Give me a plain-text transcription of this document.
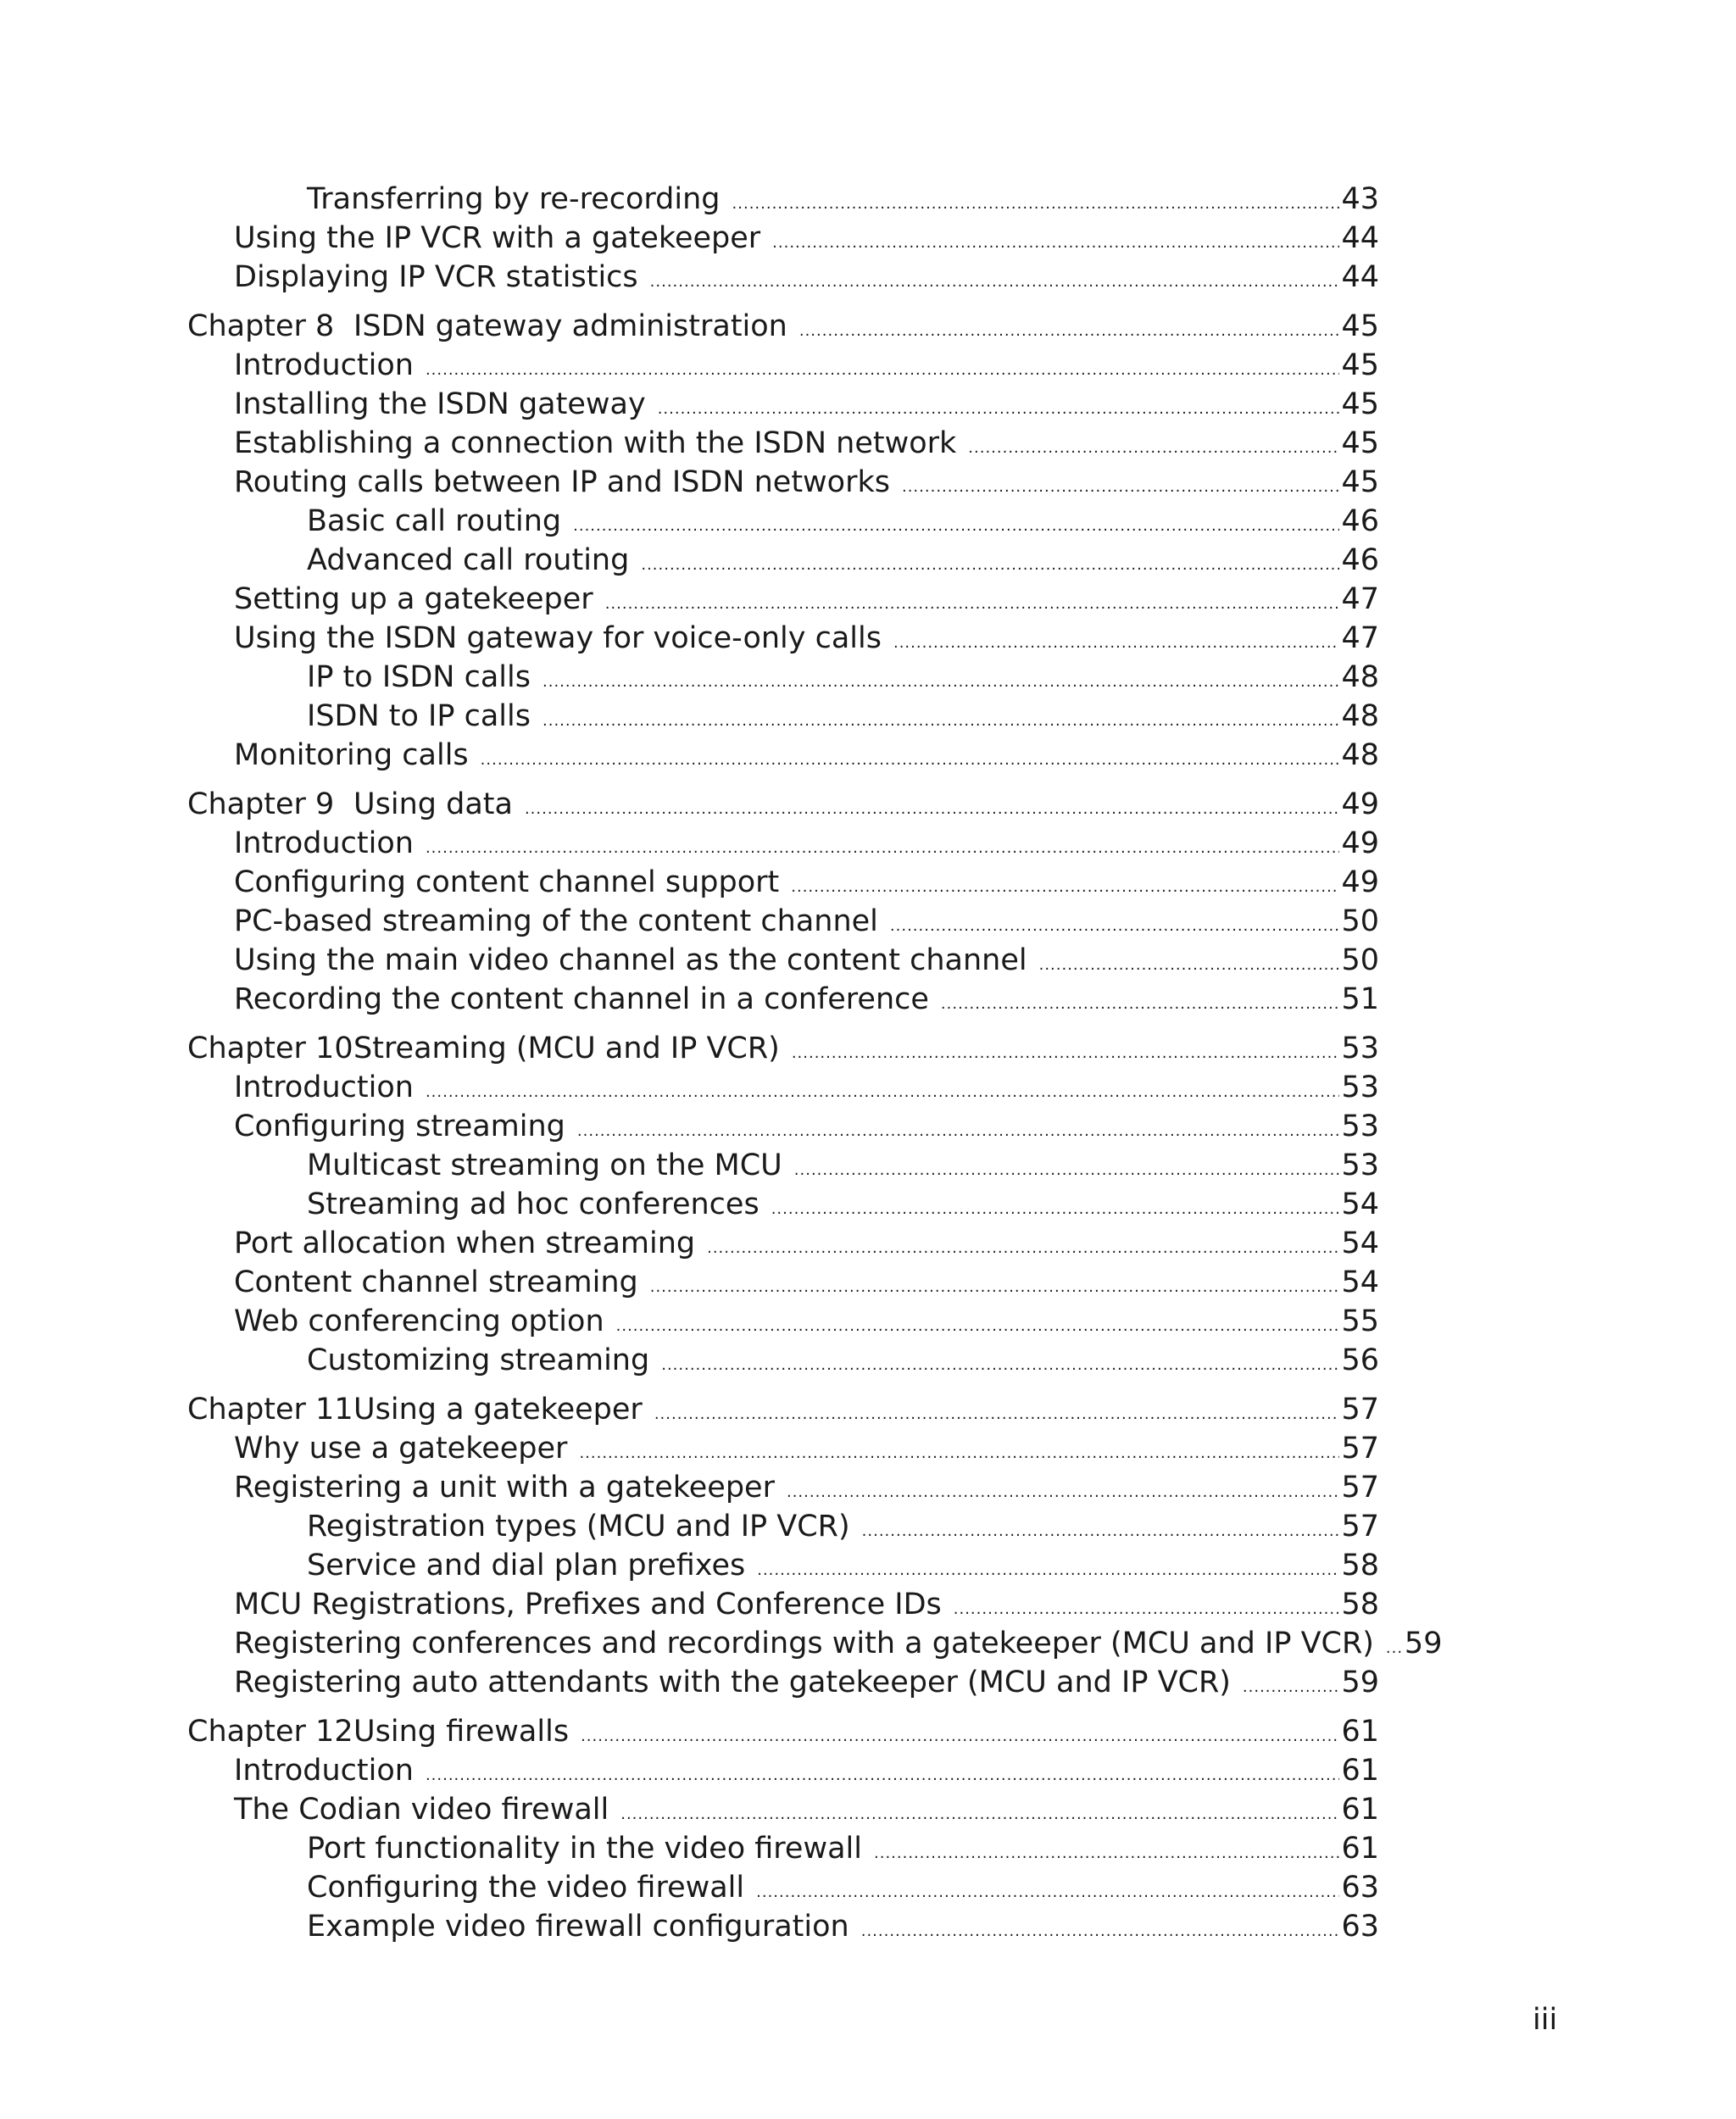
Transferring by re-recording .....	43
Using the IP VCR with a gatekeeper .....	44
Displaying IP VCR statistics .....	44
Chapter 8 ISDN gateway administration .....	45
Introduction .....	45
Installing the ISDN gateway .....	45
Establishing a connection with the ISDN network .....	45
Routing calls between IP and ISDN networks .....	45
Basic call routing .....	46
Advanced call routing .....	46
Setting up a gatekeeper .....	47
Using the ISDN gateway for voice-only calls .....	47
IP to ISDN calls .....	48
ISDN to IP calls .....	48
Monitoring calls .....	48
Chapter 9 Using data .....	49
Introduction .....	49
Configuring content channel support .....	49
PC-based streaming of the content channel .....	50
Using the main video channel as the content channel .....	50
Recording the content channel in a conference .....	51
Chapter 10 Streaming (MCU and IP VCR) .....	53
Introduction .....	53
Configuring streaming .....	53
Multicast streaming on the MCU .....	53
Streaming ad hoc conferences .....	54
Port allocation when streaming .....	54
Content channel streaming .....	54
Web conferencing option .....	55
Customizing streaming .....	56
Chapter 11 Using a gatekeeper .....	57
Why use a gatekeeper .....	57
Registering a unit with a gatekeeper .....	57
Registration types (MCU and IP VCR) .....	57
Service and dial plan prefixes .....	58
MCU Registrations, Prefixes and Conference IDs .....	58
Registering conferences and recordings with a gatekeeper (MCU and IP VCR) ..... 59
Registering auto attendants with the gatekeeper (MCU and IP VCR) .....	59
Chapter 12 Using firewalls .....	61
Introduction .....	61
The Codian video firewall .....	61
Port functionality in the video firewall .....	61
Configuring the video firewall .....	63
Example video firewall configuration .....	63
iii
